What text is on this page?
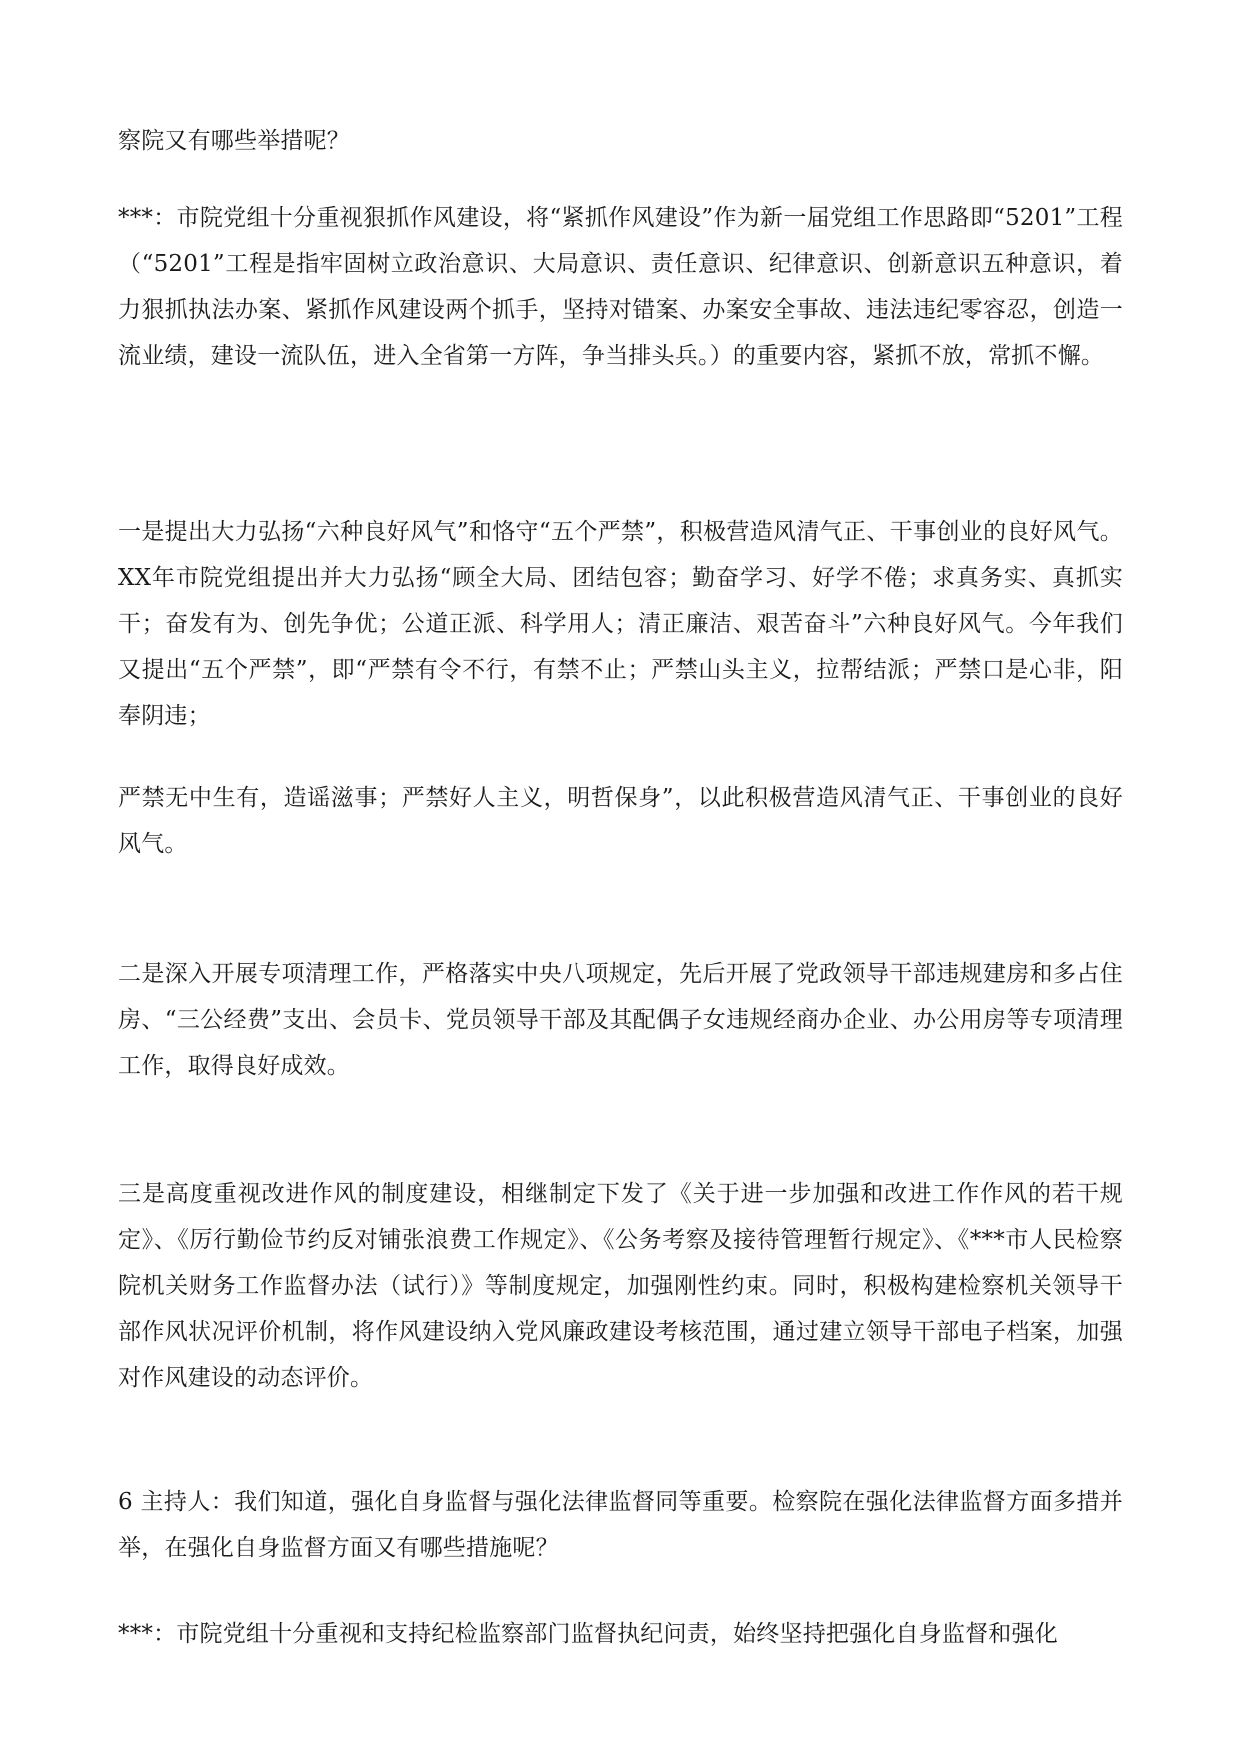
察院又有哪些举措呢？

***：市院党组十分重视狠抓作风建设，将“紧抓作风建设”作为新一届党组工作思路即“5201”工程（“5201”工程是指牢固树立政治意识、大局意识、责任意识、纪律意识、创新意识五种意识，着力狠抓执法办案、紧抓作风建设两个抓手，坚持对错案、办案安全事故、违法违纪零容忍，创造一流业绩，建设一流队伍，进入全省第一方阵，争当排头兵。）的重要内容，紧抓不放，常抓不懈。

一是提出大力弘扬“六种良好风气”和恪守“五个严禁”，积极营造风清气正、干事创业的良好风气。XX年市院党组提出并大力弘扬“顾全大局、团结包容；勤奋学习、好学不倦；求真务实、真抓实干；奋发有为、创先争优；公道正派、科学用人；清正廉洁、艰苦奋斗”六种良好风气。今年我们又提出“五个严禁”，即“严禁有令不行，有禁不止；严禁山头主义，拉帮结派；严禁口是心非，阳奉阴违；

严禁无中生有，造谣滋事；严禁好人主义，明哲保身”，以此积极营造风清气正、干事创业的良好风气。

二是深入开展专项清理工作，严格落实中央八项规定，先后开展了党政领导干部违规建房和多占住房、“三公经费”支出、会员卡、党员领导干部及其配偶子女违规经商办企业、办公用房等专项清理工作，取得良好成效。

三是高度重视改进作风的制度建设，相继制定下发了《关于进一步加强和改进工作作风的若干规定》、《厉行勤俭节约反对铺张浪费工作规定》、《公务考察及接待管理暂行规定》、《***市人民检察院机关财务工作监督办法（试行）》等制度规定，加强刚性约束。同时，积极构建检察机关领导干部作风状况评价机制，将作风建设纳入党风廉政建设考核范围，通过建立领导干部电子档案，加强对作风建设的动态评价。

6 主持人：我们知道，强化自身监督与强化法律监督同等重要。检察院在强化法律监督方面多措并举，在强化自身监督方面又有哪些措施呢？

***：市院党组十分重视和支持纪检监察部门监督执纪问责，始终坚持把强化自身监督和强化
